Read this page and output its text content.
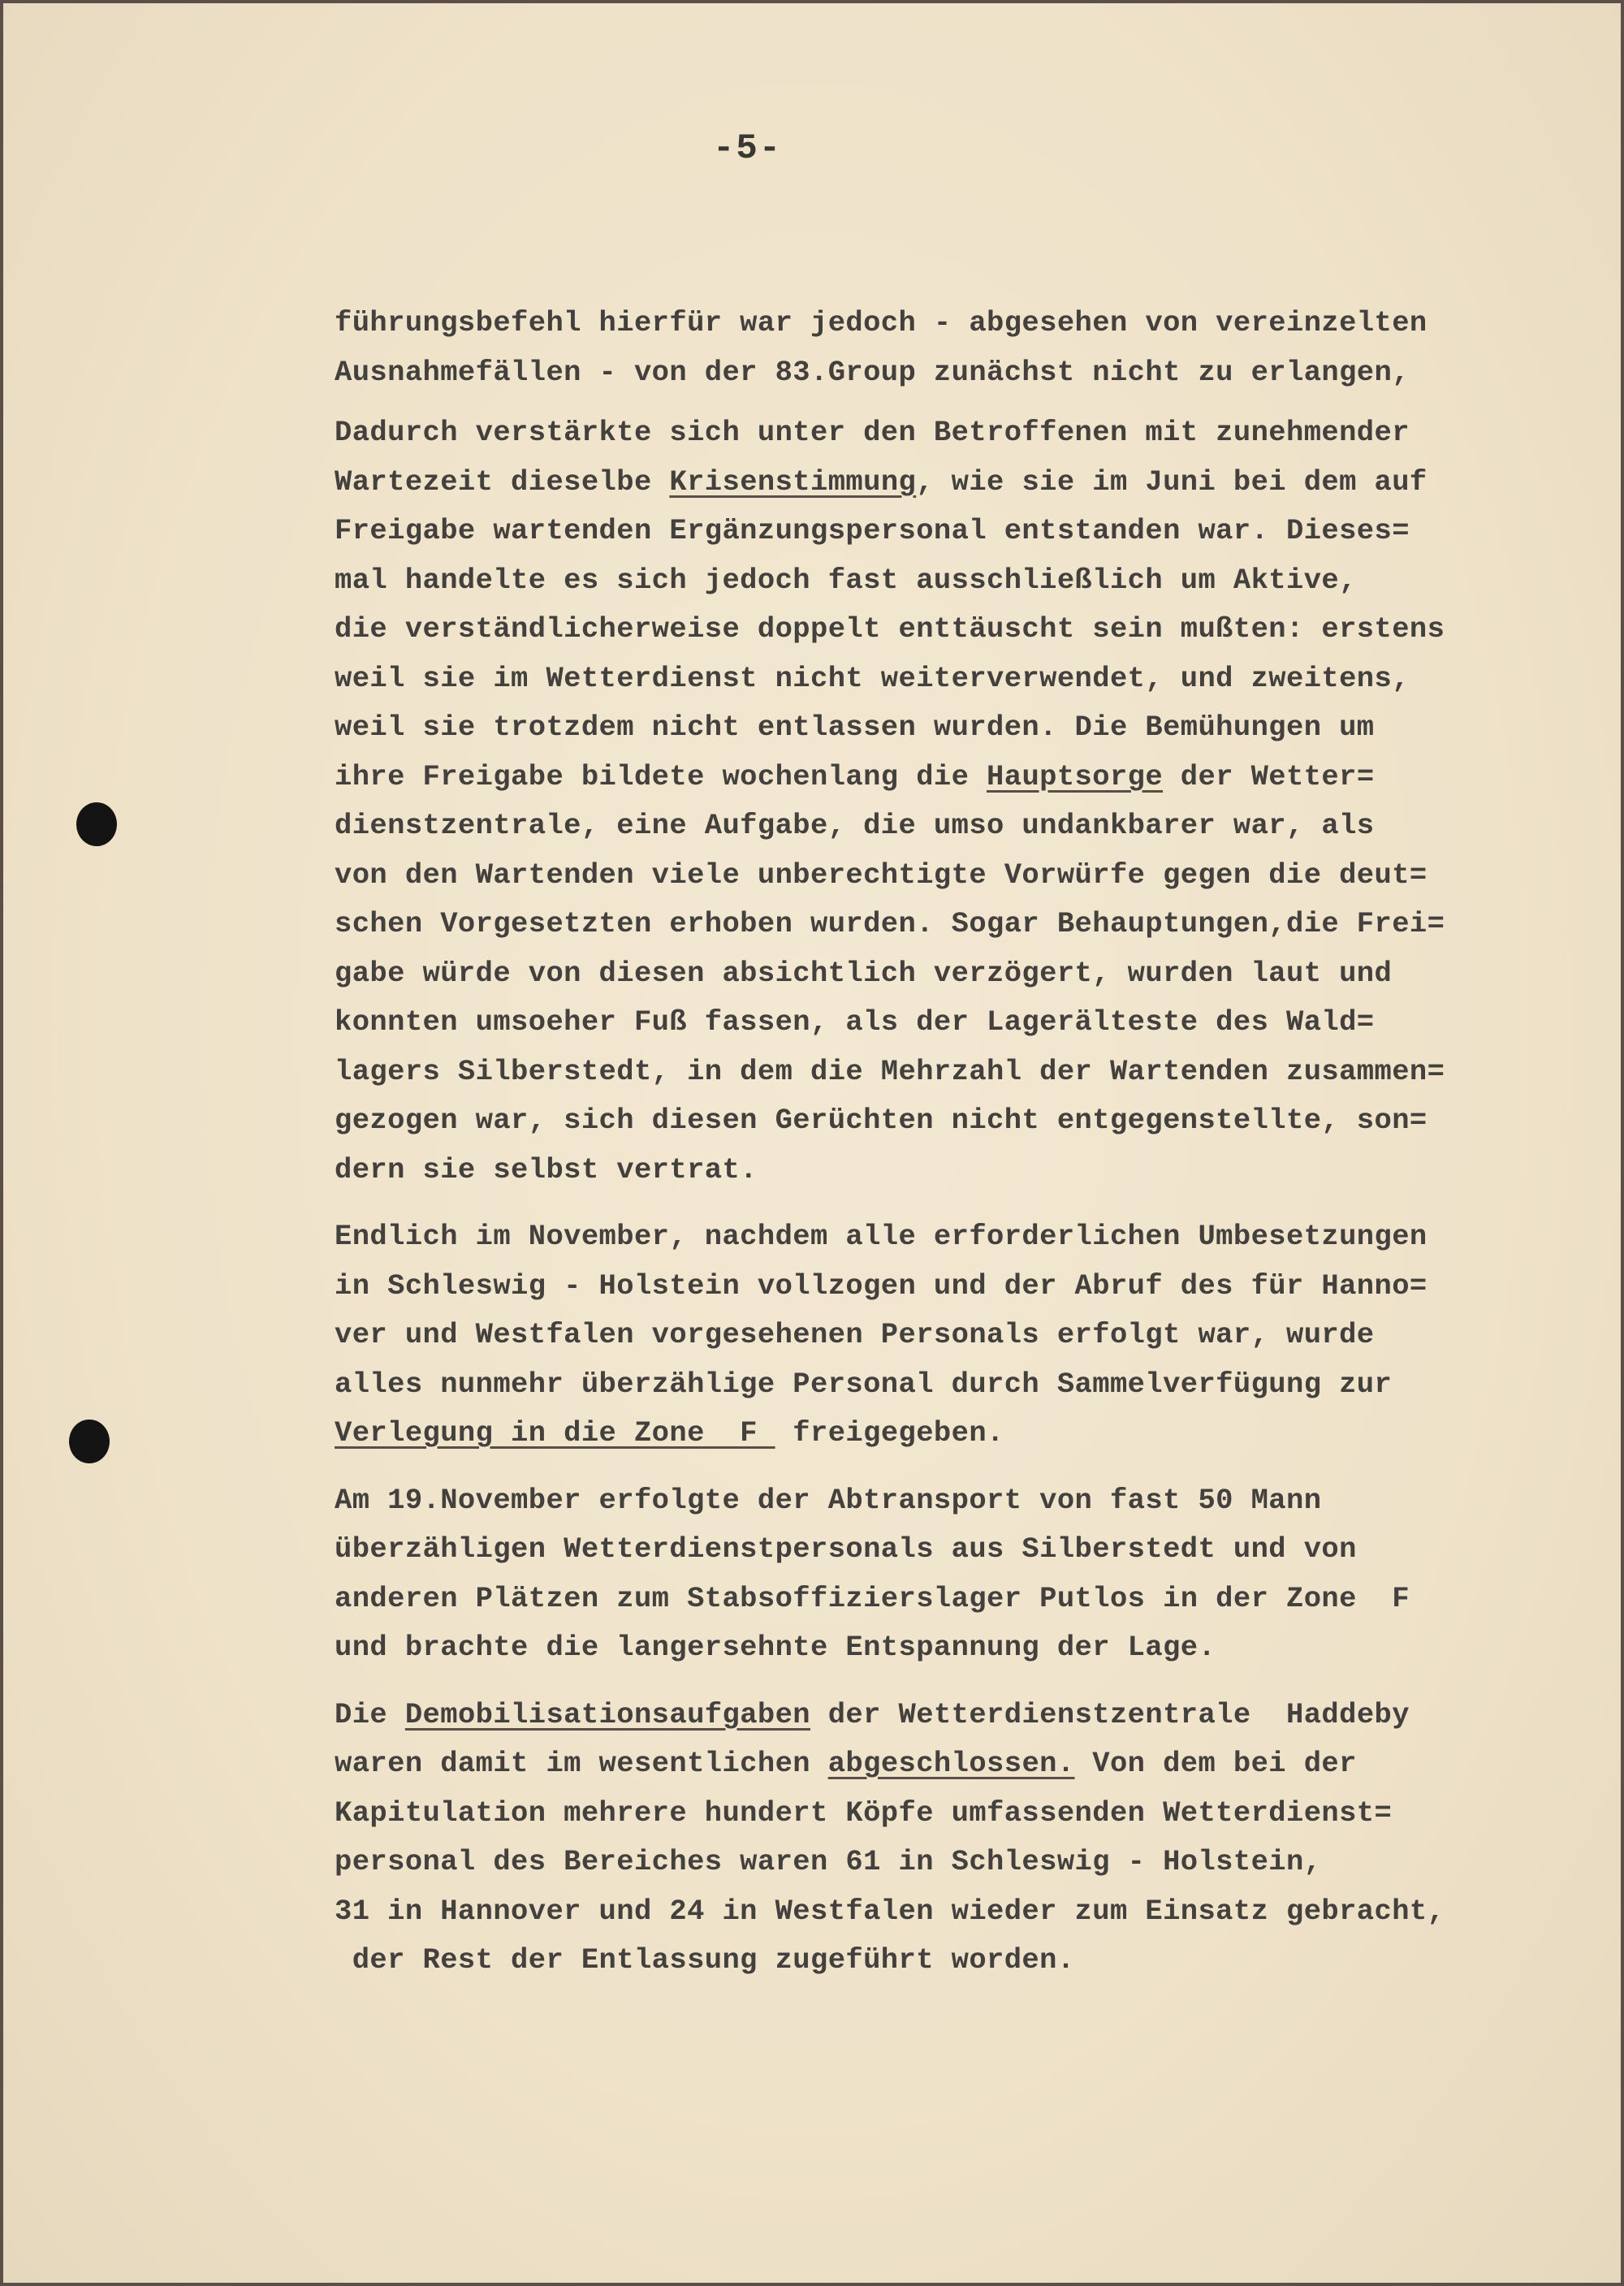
-5-
führungsbefehl hierfür war jedoch - abgesehen von vereinzelten
Ausnahmefällen - von der 83.Group zunächst nicht zu erlangen,
Dadurch verstärkte sich unter den Betroffenen mit zunehmender
Wartezeit dieselbe Krisenstimmung, wie sie im Juni bei dem auf
Freigabe wartenden Ergänzungspersonal entstanden war. Dieses=
mal handelte es sich jedoch fast ausschließlich um Aktive,
die verständlicherweise doppelt enttäuscht sein mußten: erstens
weil sie im Wetterdienst nicht weiterverwendet, und zweitens,
weil sie trotzdem nicht entlassen wurden. Die Bemühungen um
ihre Freigabe bildete wochenlang die Hauptsorge der Wetter=
dienstzentrale, eine Aufgabe, die umso undankbarer war, als
von den Wartenden viele unberechtigte Vorwürfe gegen die deut=
schen Vorgesetzten erhoben wurden. Sogar Behauptungen,die Frei=
gabe würde von diesen absichtlich verzögert, wurden laut und
konnten umsoeher Fuß fassen, als der Lagerälteste des Wald=
lagers Silberstedt, in dem die Mehrzahl der Wartenden zusammen=
gezogen war, sich diesen Gerüchten nicht entgegenstellte, son=
dern sie selbst vertrat.
Endlich im November, nachdem alle erforderlichen Umbesetzungen
in Schleswig - Holstein vollzogen und der Abruf des für Hanno=
ver und Westfalen vorgesehenen Personals erfolgt war, wurde
alles nunmehr überzählige Personal durch Sammelverfügung zur
Verlegung in die Zone  F  freigegeben.
Am 19.November erfolgte der Abtransport von fast 50 Mann
überzähligen Wetterdienstpersonals aus Silberstedt und von
anderen Plätzen zum Stabsoffizierslager Putlos in der Zone  F
und brachte die langersehnte Entspannung der Lage.
Die Demobilisationsaufgaben der Wetterdienstzentrale  Haddeby
waren damit im wesentlichen abgeschlossen. Von dem bei der
Kapitulation mehrere hundert Köpfe umfassenden Wetterdienst=
personal des Bereiches waren 61 in Schleswig - Holstein,
31 in Hannover und 24 in Westfalen wieder zum Einsatz gebracht,
der Rest der Entlassung zugeführt worden.
